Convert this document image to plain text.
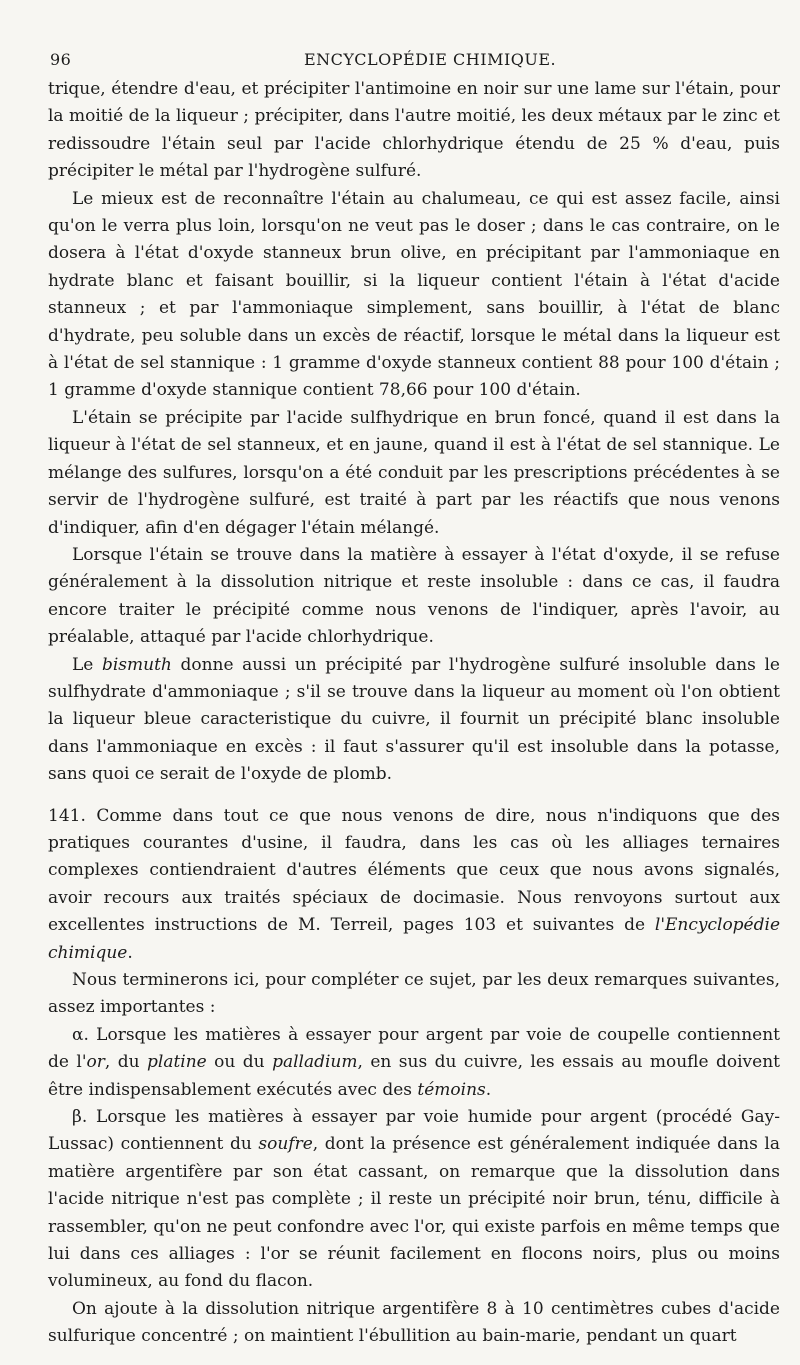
96	ENCYCLOPÉDIE CHIMIQUE.

trique, étendre d'eau, et précipiter l'antimoine en noir sur une lame sur l'étain, pour la moitié de la liqueur ; précipiter, dans l'autre moitié, les deux métaux par le zinc et redissoudre l'étain seul par l'acide chlorhydrique étendu de 25 % d'eau, puis précipiter le métal par l'hydrogène sulfuré.

Le mieux est de reconnaître l'étain au chalumeau, ce qui est assez facile, ainsi qu'on le verra plus loin, lorsqu'on ne veut pas le doser ; dans le cas contraire, on le dosera à l'état d'oxyde stanneux brun olive, en précipitant par l'ammoniaque en hydrate blanc et faisant bouillir, si la liqueur contient l'étain à l'état d'acide stanneux ; et par l'ammoniaque simplement, sans bouillir, à l'état de blanc d'hydrate, peu soluble dans un excès de réactif, lorsque le métal dans la liqueur est à l'état de sel stannique : 1 gramme d'oxyde stanneux contient 88 pour 100 d'étain ; 1 gramme d'oxyde stannique contient 78,66 pour 100 d'étain.

L'étain se précipite par l'acide sulfhydrique en brun foncé, quand il est dans la liqueur à l'état de sel stanneux, et en jaune, quand il est à l'état de sel stannique. Le mélange des sulfures, lorsqu'on a été conduit par les prescriptions précédentes à se servir de l'hydrogène sulfuré, est traité à part par les réactifs que nous venons d'indiquer, afin d'en dégager l'étain mélangé.

Lorsque l'étain se trouve dans la matière à essayer à l'état d'oxyde, il se refuse généralement à la dissolution nitrique et reste insoluble : dans ce cas, il faudra encore traiter le précipité comme nous venons de l'indiquer, après l'avoir, au préalable, attaqué par l'acide chlorhydrique.

Le bismuth donne aussi un précipité par l'hydrogène sulfuré insoluble dans le sulfhydrate d'ammoniaque ; s'il se trouve dans la liqueur au moment où l'on obtient la liqueur bleue caracteristique du cuivre, il fournit un précipité blanc insoluble dans l'ammoniaque en excès : il faut s'assurer qu'il est insoluble dans la potasse, sans quoi ce serait de l'oxyde de plomb.

141. Comme dans tout ce que nous venons de dire, nous n'indiquons que des pratiques courantes d'usine, il faudra, dans les cas où les alliages ternaires complexes contiendraient d'autres éléments que ceux que nous avons signalés, avoir recours aux traités spéciaux de docimasie. Nous renvoyons surtout aux excellentes instructions de M. Terreil, pages 103 et suivantes de l'Encyclopédie chimique.

Nous terminerons ici, pour compléter ce sujet, par les deux remarques suivantes, assez importantes :

α. Lorsque les matières à essayer pour argent par voie de coupelle contiennent de l'or, du platine ou du palladium, en sus du cuivre, les essais au moufle doivent être indispensablement exécutés avec des témoins.

β. Lorsque les matières à essayer par voie humide pour argent (procédé Gay-Lussac) contiennent du soufre, dont la présence est généralement indiquée dans la matière argentifère par son état cassant, on remarque que la dissolution dans l'acide nitrique n'est pas complète ; il reste un précipité noir brun, ténu, difficile à rassembler, qu'on ne peut confondre avec l'or, qui existe parfois en même temps que lui dans ces alliages : l'or se réunit facilement en flocons noirs, plus ou moins volumineux, au fond du flacon.

On ajoute à la dissolution nitrique argentifère 8 à 10 centimètres cubes d'acide sulfurique concentré ; on maintient l'ébullition au bain-marie, pendant un quart
